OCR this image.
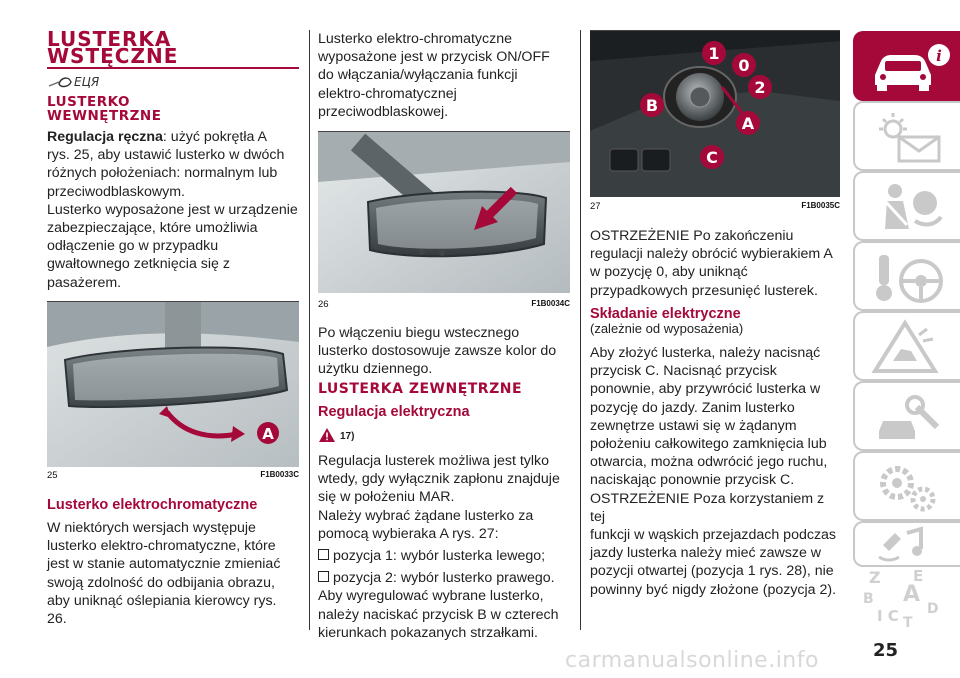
LUSTERKA
WSTĘCZNE
ЕЦЯ
LUSTERKO
WEWNĘTRZNE
Regulacja ręczna: użyć pokrętła A
rys. 25, aby ustawić lusterko w dwóch
różnych położeniach: normalnym lub
przeciwodblaskowym.
Lusterko wyposażone jest w urządzenie
zabezpieczające, które umożliwia
odłączenie go w przypadku
gwałtownego zetknięcia się z
pasażerem.
A
25	F1B0033C
Lusterko elektrochromatyczne
W niektórych wersjach występuje
lusterko elektro-chromatyczne, które
jest w stanie automatycznie zmieniać
swoją zdolność do odbijania obrazu,
aby uniknąć oślepiania kierowcy rys.
26.
Lusterko elektro-chromatyczne
wyposażone jest w przycisk ON/OFF
do włączania/wyłączania funkcji
elektro-chromatycznej
przeciwodblaskowej.
26	F1B0034C
Po włączeniu biegu wstecznego
lusterko dostosowuje zawsze kolor do
użytku dziennego.
LUSTERKA ZEWNĘTRZNE
Regulacja elektryczna
17)
Regulacja lusterek możliwa jest tylko
wtedy, gdy wyłącznik zapłonu znajduje
się w położeniu MAR.
Należy wybrać żądane lusterko za
pomocą wybieraka A rys. 27:
pozycja 1: wybór lusterka lewego;
pozycja 2: wybór lusterko prawego.
Aby wyregulować wybrane lusterko,
należy naciskać przycisk B w czterech
kierunkach pokazanych strzałkami.
1
0
2
B
A
C
27	F1B0035C
OSTRZEŻENIE Po zakończeniu
regulacji należy obrócić wybierakiem A
w pozycję 0, aby uniknąć
przypadkowych przesunięć lusterek.
Składanie elektryczne
(zależnie od wyposażenia)
Aby złożyć lusterka, należy nacisnąć
przycisk C. Nacisnąć przycisk
ponownie, aby przywrócić lusterka w
pozycję do jazdy. Zanim lusterko
zewnętrze ustawi się w żądanym
położeniu całkowitego zamknięcia lub
otwarcia, można odwrócić jego ruchu,
naciskając ponownie przycisk C.
OSTRZEŻENIE Poza korzystaniem z tej
funkcji w wąskich przejazdach podczas
jazdy lusterka należy mieć zawsze w
pozycji otwartej (pozycja 1 rys. 28), nie
powinny być nigdy złożone (pozycja 2).
i
Z E
B A
D
I C T
25
carmanualsonline.info
